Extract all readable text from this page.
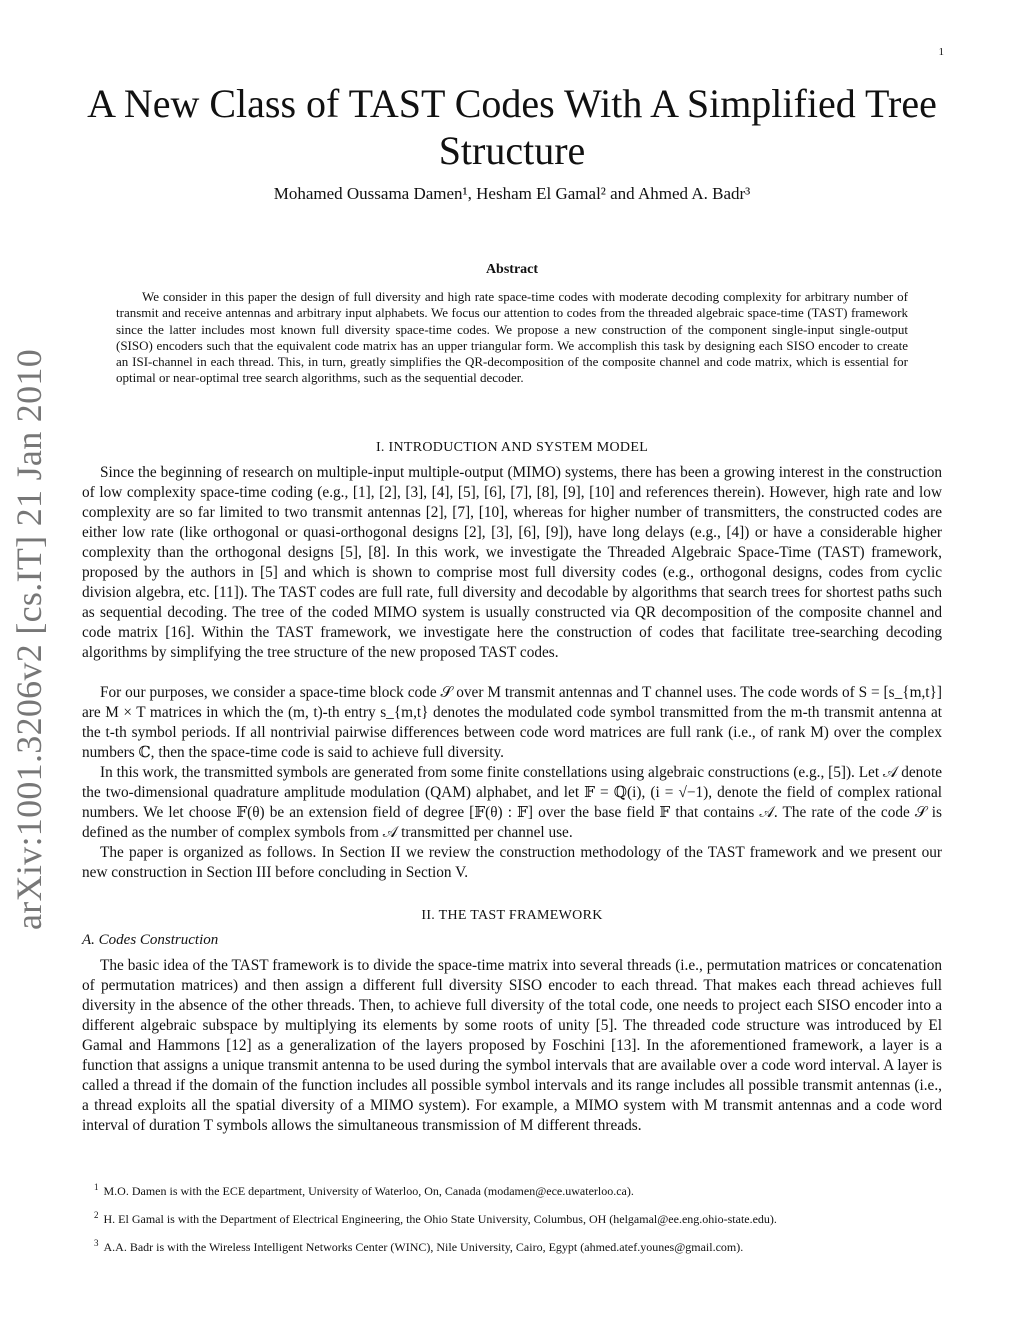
1
arXiv:1001.3206v2 [cs.IT] 21 Jan 2010
A New Class of TAST Codes With A Simplified Tree Structure
Mohamed Oussama Damen¹, Hesham El Gamal² and Ahmed A. Badr³
Abstract

We consider in this paper the design of full diversity and high rate space-time codes with moderate decoding complexity for arbitrary number of transmit and receive antennas and arbitrary input alphabets. We focus our attention to codes from the threaded algebraic space-time (TAST) framework since the latter includes most known full diversity space-time codes. We propose a new construction of the component single-input single-output (SISO) encoders such that the equivalent code matrix has an upper triangular form. We accomplish this task by designing each SISO encoder to create an ISI-channel in each thread. This, in turn, greatly simplifies the QR-decomposition of the composite channel and code matrix, which is essential for optimal or near-optimal tree search algorithms, such as the sequential decoder.

I. INTRODUCTION AND SYSTEM MODEL

Since the beginning of research on multiple-input multiple-output (MIMO) systems, there has been a growing interest in the construction of low complexity space-time coding (e.g., [1], [2], [3], [4], [5], [6], [7], [8], [9], [10] and references therein). However, high rate and low complexity are so far limited to two transmit antennas [2], [7], [10], whereas for higher number of transmitters, the constructed codes are either low rate (like orthogonal or quasi-orthogonal designs [2], [3], [6], [9]), have long delays (e.g., [4]) or have a considerable higher complexity than the orthogonal designs [5], [8]. In this work, we investigate the Threaded Algebraic Space-Time (TAST) framework, proposed by the authors in [5] and which is shown to comprise most full diversity codes (e.g., orthogonal designs, codes from cyclic division algebra, etc. [11]). The TAST codes are full rate, full diversity and decodable by algorithms that search trees for shortest paths such as sequential decoding. The tree of the coded MIMO system is usually constructed via QR decomposition of the composite channel and code matrix [16]. Within the TAST framework, we investigate here the construction of codes that facilitate tree-searching decoding algorithms by simplifying the tree structure of the new proposed TAST codes.

For our purposes, we consider a space-time block code 𝒮 over M transmit antennas and T channel uses. The code words of S = [s_{m,t}] are M × T matrices in which the (m, t)-th entry s_{m,t} denotes the modulated code symbol transmitted from the m-th transmit antenna at the t-th symbol periods. If all nontrivial pairwise differences between code word matrices are full rank (i.e., of rank M) over the complex numbers ℂ, then the space-time code is said to achieve full diversity.

In this work, the transmitted symbols are generated from some finite constellations using algebraic constructions (e.g., [5]). Let 𝒜 denote the two-dimensional quadrature amplitude modulation (QAM) alphabet, and let 𝔽 = ℚ(i), (i = √−1), denote the field of complex rational numbers. We let choose 𝔽(θ) be an extension field of degree [𝔽(θ) : 𝔽] over the base field 𝔽 that contains 𝒜. The rate of the code 𝒮 is defined as the number of complex symbols from 𝒜 transmitted per channel use.

The paper is organized as follows. In Section II we review the construction methodology of the TAST framework and we present our new construction in Section III before concluding in Section V.

II. THE TAST FRAMEWORK
A. Codes Construction

The basic idea of the TAST framework is to divide the space-time matrix into several threads (i.e., permutation matrices or concatenation of permutation matrices) and then assign a different full diversity SISO encoder to each thread. That makes each thread achieves full diversity in the absence of the other threads. Then, to achieve full diversity of the total code, one needs to project each SISO encoder into a different algebraic subspace by multiplying its elements by some roots of unity [5]. The threaded code structure was introduced by El Gamal and Hammons [12] as a generalization of the layers proposed by Foschini [13]. In the aforementioned framework, a layer is a function that assigns a unique transmit antenna to be used during the symbol intervals that are available over a code word interval. A layer is called a thread if the domain of the function includes all possible symbol intervals and its range includes all possible transmit antennas (i.e., a thread exploits all the spatial diversity of a MIMO system). For example, a MIMO system with M transmit antennas and a code word interval of duration T symbols allows the simultaneous transmission of M different threads.

$^1$ M.O. Damen is with the ECE department, University of Waterloo, On, Canada (modamen@ece.uwaterloo.ca).

$^2$ H. El Gamal is with the Department of Electrical Engineering, the Ohio State University, Columbus, OH (helgamal@ee.eng.ohio-state.edu).

$^3$ A.A. Badr is with the Wireless Intelligent Networks Center (WINC), Nile University, Cairo, Egypt (ahmed.atef.younes@gmail.com).
